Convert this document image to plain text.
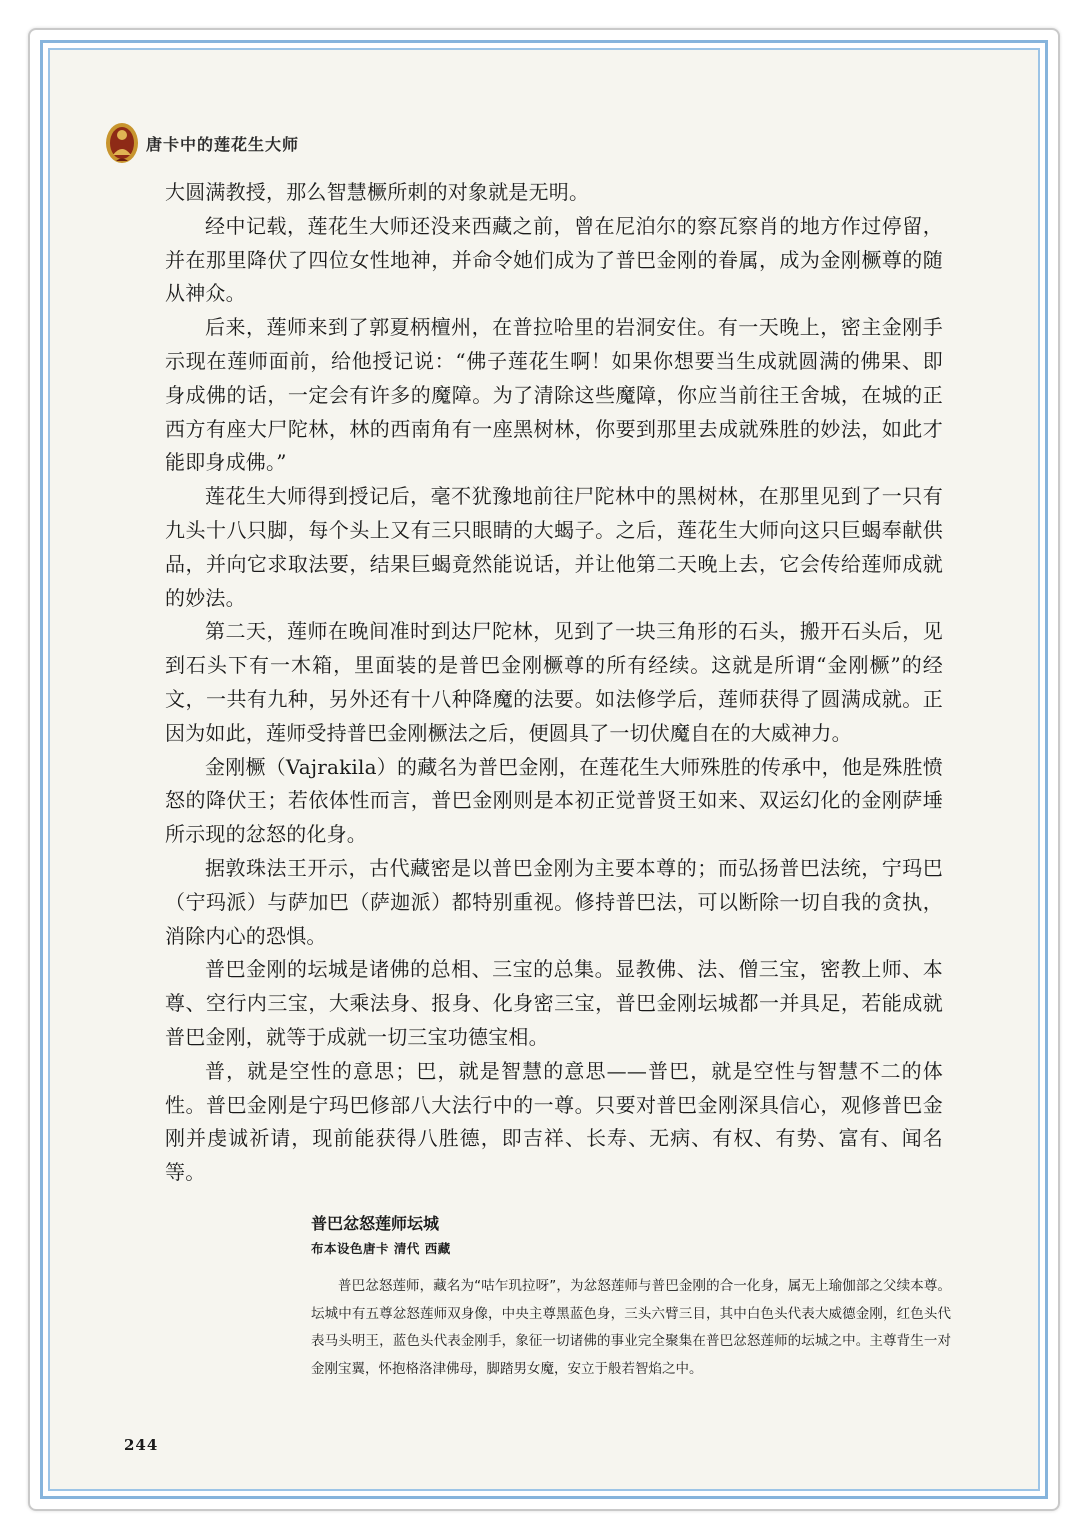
唐卡中的莲花生大师

大圆满教授，那么智慧橛所刺的对象就是无明。

经中记载，莲花生大师还没来西藏之前，曾在尼泊尔的察瓦察肖的地方作过停留，并在那里降伏了四位女性地神，并命令她们成为了普巴金刚的眷属，成为金刚橛尊的随从神众。

后来，莲师来到了郭夏柄檀州，在普拉哈里的岩洞安住。有一天晚上，密主金刚手示现在莲师面前，给他授记说：“佛子莲花生啊！如果你想要当生成就圆满的佛果、即身成佛的话，一定会有许多的魔障。为了清除这些魔障，你应当前往王舍城，在城的正西方有座大尸陀林，林的西南角有一座黑树林，你要到那里去成就殊胜的妙法，如此才能即身成佛。”

莲花生大师得到授记后，毫不犹豫地前往尸陀林中的黑树林，在那里见到了一只有九头十八只脚，每个头上又有三只眼睛的大蝎子。之后，莲花生大师向这只巨蝎奉献供品，并向它求取法要，结果巨蝎竟然能说话，并让他第二天晚上去，它会传给莲师成就的妙法。

第二天，莲师在晚间准时到达尸陀林，见到了一块三角形的石头，搬开石头后，见到石头下有一木箱，里面装的是普巴金刚橛尊的所有经续。这就是所谓“金刚橛”的经文，一共有九种，另外还有十八种降魔的法要。如法修学后，莲师获得了圆满成就。正因为如此，莲师受持普巴金刚橛法之后，便圆具了一切伏魔自在的大威神力。

金刚橛（Vajrakila）的藏名为普巴金刚，在莲花生大师殊胜的传承中，他是殊胜愤怒的降伏王；若依体性而言，普巴金刚则是本初正觉普贤王如来、双运幻化的金刚萨埵所示现的忿怒的化身。

据敦珠法王开示，古代藏密是以普巴金刚为主要本尊的；而弘扬普巴法统，宁玛巴（宁玛派）与萨加巴（萨迦派）都特别重视。修持普巴法，可以断除一切自我的贪执，消除内心的恐惧。

普巴金刚的坛城是诸佛的总相、三宝的总集。显教佛、法、僧三宝，密教上师、本尊、空行内三宝，大乘法身、报身、化身密三宝，普巴金刚坛城都一并具足，若能成就普巴金刚，就等于成就一切三宝功德宝相。

普，就是空性的意思；巴，就是智慧的意思——普巴，就是空性与智慧不二的体性。普巴金刚是宁玛巴修部八大法行中的一尊。只要对普巴金刚深具信心，观修普巴金刚并虔诚祈请，现前能获得八胜德，即吉祥、长寿、无病、有权、有势、富有、闻名等。

普巴忿怒莲师坛城
布本设色唐卡 清代 西藏

普巴忿怒莲师，藏名为“咕乍玑拉呀”，为忿怒莲师与普巴金刚的合一化身，属无上瑜伽部之父续本尊。坛城中有五尊忿怒莲师双身像，中央主尊黑蓝色身，三头六臂三目，其中白色头代表大威德金刚，红色头代表马头明王，蓝色头代表金刚手，象征一切诸佛的事业完全聚集在普巴忿怒莲师的坛城之中。主尊背生一对金刚宝翼，怀抱格洛津佛母，脚踏男女魔，安立于般若智焰之中。

244
